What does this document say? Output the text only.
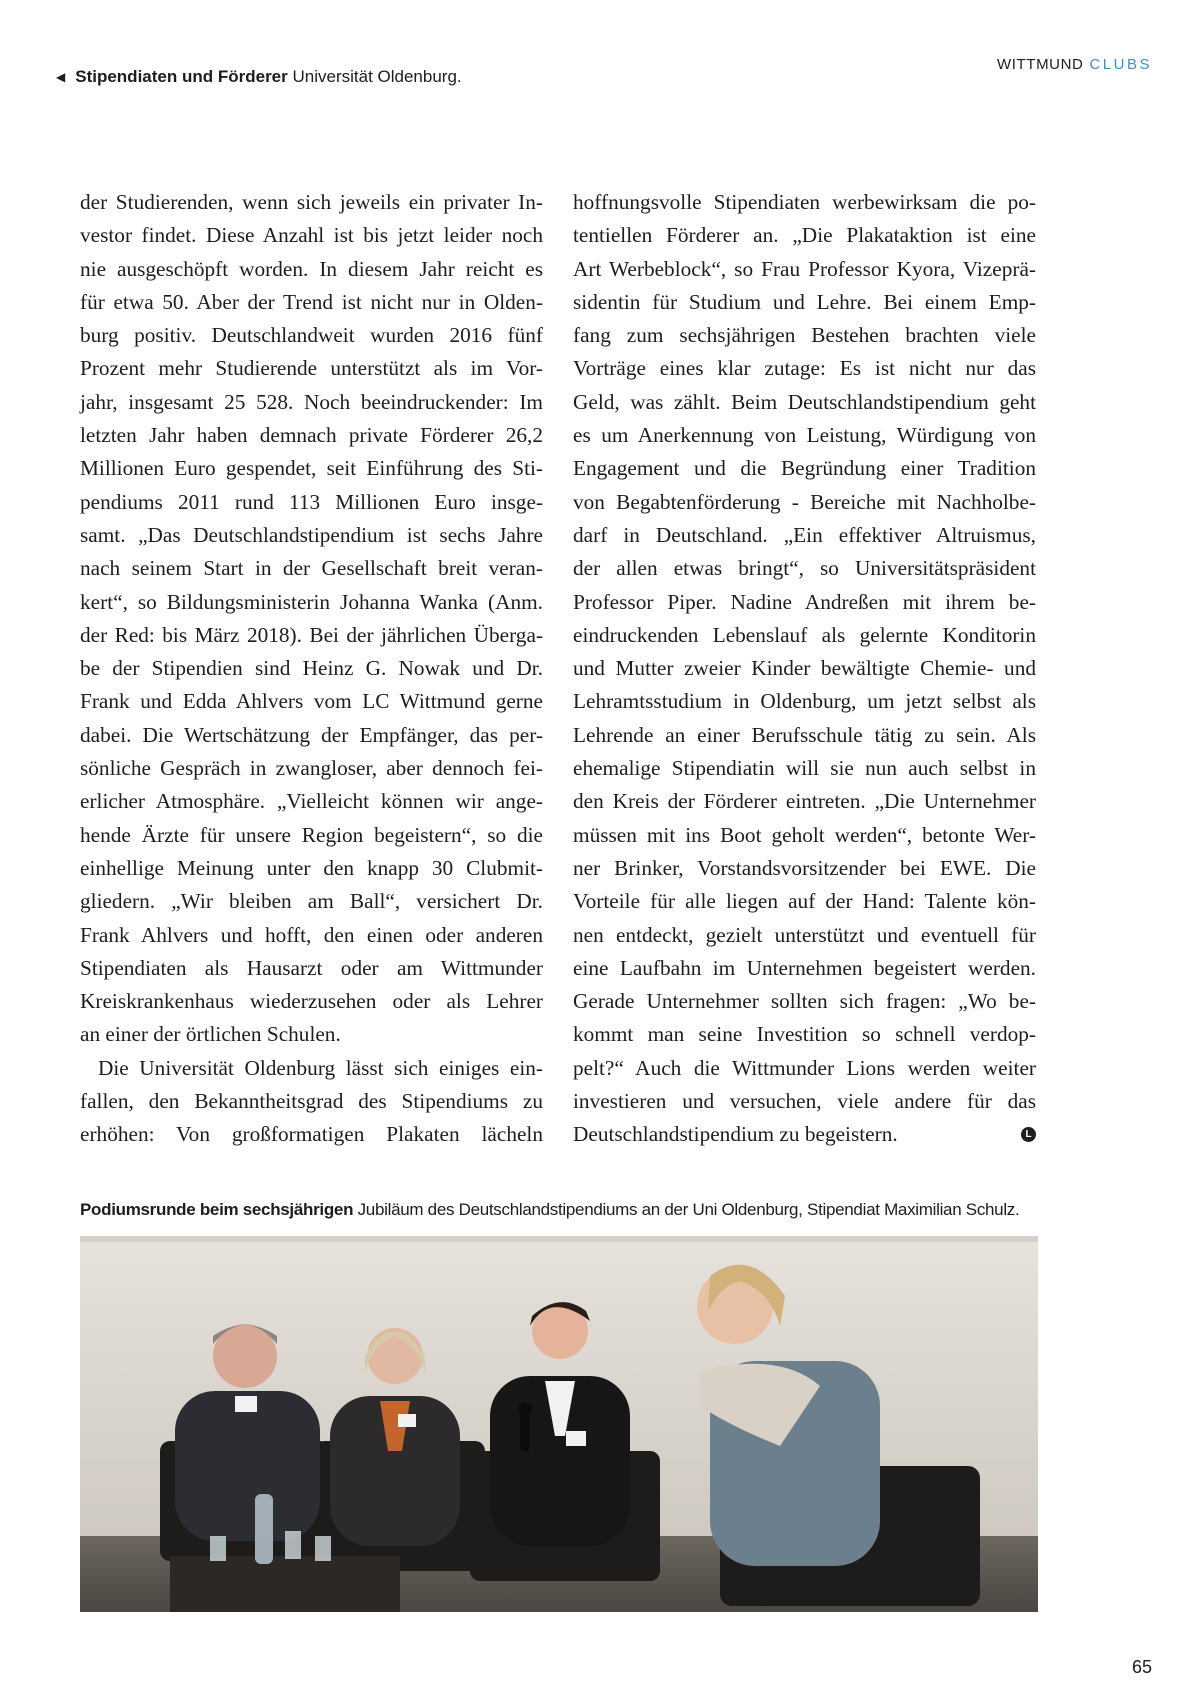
◀ Stipendiaten und Förderer Universität Oldenburg.
WITTMUND CLUBS
der Studierenden, wenn sich jeweils ein privater In-
vestor findet. Diese Anzahl ist bis jetzt leider noch
nie ausgeschöpft worden. In diesem Jahr reicht es
für etwa 50. Aber der Trend ist nicht nur in Olden-
burg positiv. Deutschlandweit wurden 2016 fünf
Prozent mehr Studierende unterstützt als im Vor-
jahr, insgesamt 25 528. Noch beeindruckender: Im
letzten Jahr haben demnach private Förderer 26,2
Millionen Euro gespendet, seit Einführung des Sti-
pendiums 2011 rund 113 Millionen Euro insge-
samt. „Das Deutschlandstipendium ist sechs Jahre
nach seinem Start in der Gesellschaft breit veran-
kert“, so Bildungsministerin Johanna Wanka (Anm.
der Red: bis März 2018). Bei der jährlichen Überga-
be der Stipendien sind Heinz G. Nowak und Dr.
Frank und Edda Ahlvers vom LC Wittmund gerne
dabei. Die Wertschätzung der Empfänger, das per-
sönliche Gespräch in zwangloser, aber dennoch fei-
erlicher Atmosphäre. „Vielleicht können wir ange-
hende Ärzte für unsere Region begeistern“, so die
einhellige Meinung unter den knapp 30 Clubmit-
gliedern. „Wir bleiben am Ball“, versichert Dr.
Frank Ahlvers und hofft, den einen oder anderen
Stipendiaten als Hausarzt oder am Wittmunder
Kreiskrankenhaus wiederzusehen oder als Lehrer
an einer der örtlichen Schulen.
Die Universität Oldenburg lässt sich einiges ein-
fallen, den Bekanntheitsgrad des Stipendiums zu
erhöhen: Von großformatigen Plakaten lächeln
hoffnungsvolle Stipendiaten werbewirksam die po-
tentiellen Förderer an. „Die Plakataktion ist eine
Art Werbeblock“, so Frau Professor Kyora, Vizeprä-
sidentin für Studium und Lehre. Bei einem Emp-
fang zum sechsjährigen Bestehen brachten viele
Vorträge eines klar zutage: Es ist nicht nur das
Geld, was zählt. Beim Deutschlandstipendium geht
es um Anerkennung von Leistung, Würdigung von
Engagement und die Begründung einer Tradition
von Begabtenförderung - Bereiche mit Nachholbe-
darf in Deutschland. „Ein effektiver Altruismus,
der allen etwas bringt“, so Universitätspräsident
Professor Piper. Nadine Andreßen mit ihrem be-
eindruckenden Lebenslauf als gelernte Konditorin
und Mutter zweier Kinder bewältigte Chemie- und
Lehramtsstudium in Oldenburg, um jetzt selbst als
Lehrende an einer Berufsschule tätig zu sein. Als
ehemalige Stipendiatin will sie nun auch selbst in
den Kreis der Förderer eintreten. „Die Unternehmer
müssen mit ins Boot geholt werden“, betonte Wer-
ner Brinker, Vorstandsvorsitzender bei EWE. Die
Vorteile für alle liegen auf der Hand: Talente kön-
nen entdeckt, gezielt unterstützt und eventuell für
eine Laufbahn im Unternehmen begeistert werden.
Gerade Unternehmer sollten sich fragen: „Wo be-
kommt man seine Investition so schnell verdop-
pelt?“ Auch die Wittmunder Lions werden weiter
investieren und versuchen, viele andere für das
Deutschlandstipendium zu begeistern.	L
Podiumsrunde beim sechsjährigen Jubiläum des Deutschlandstipendiums an der Uni Oldenburg, Stipendiat Maximilian Schulz.
65
